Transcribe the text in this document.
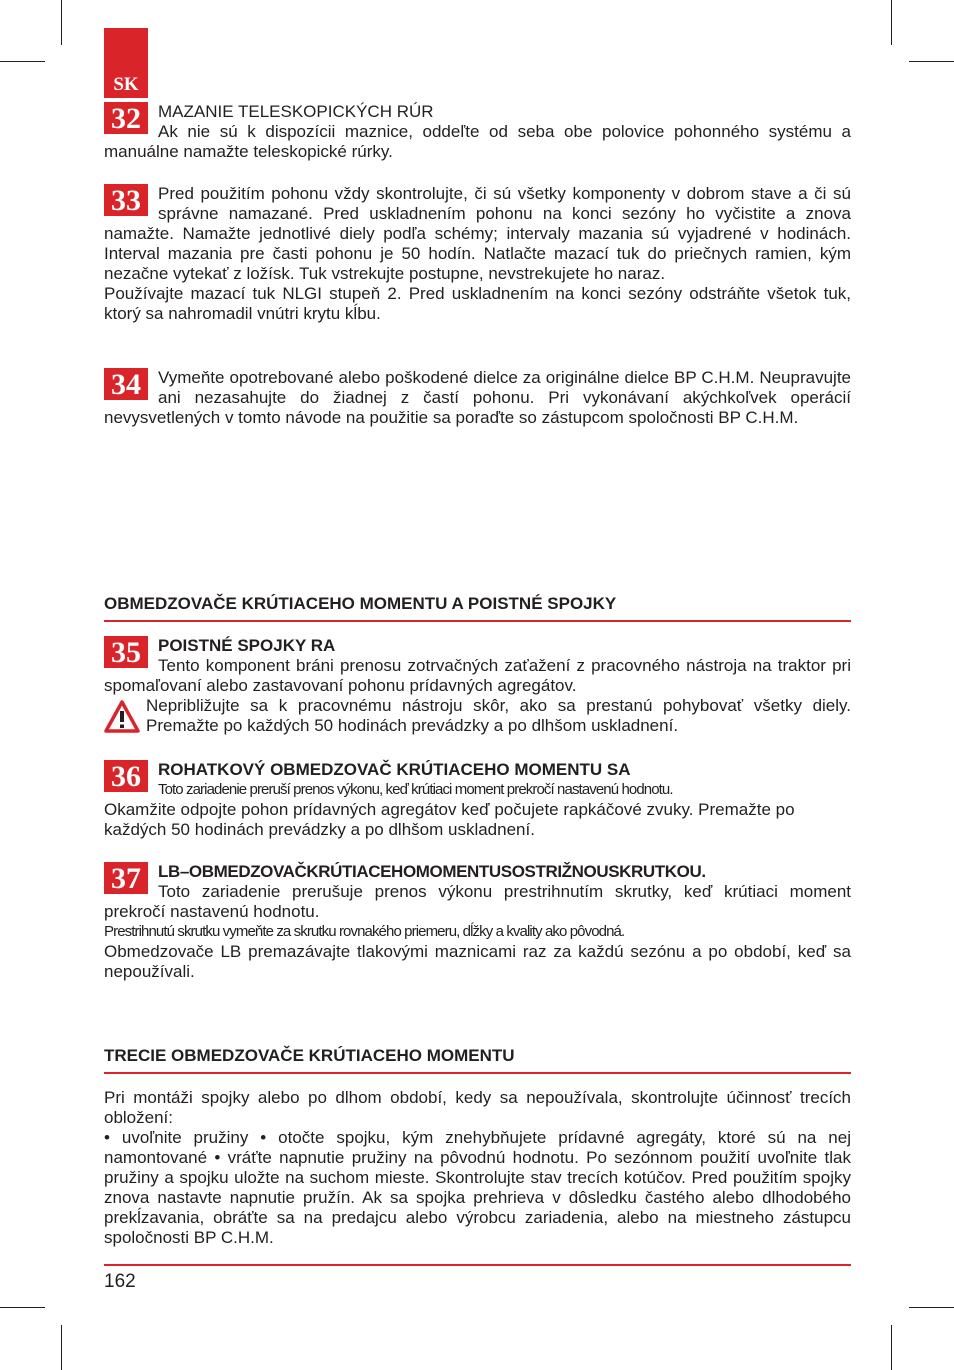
SK
32	MAZANIE TELESKOPICKÝCH RÚR

Ak nie sú k dispozícii maznice, oddeľte od seba obe polovice pohonného systému a manuálne namažte teleskopické rúrky.

33	Pred použitím pohonu vždy skontrolujte, či sú všetky komponenty v dobrom stave a či sú správne namazané. Pred uskladnením pohonu na konci sezóny ho vyčistite a znova namažte. Namažte jednotlivé diely podľa schémy; intervaly mazania sú vyjadrené v hodinách. Interval mazania pre časti pohonu je 50 hodín. Natlačte mazací tuk do priečnych ramien, kým nezačne vytekať z ložísk. Tuk vstrekujte postupne, nevstrekujete ho naraz.

Používajte mazací tuk NLGI stupeň 2. Pred uskladnením na konci sezóny odstráňte všetok tuk, ktorý sa nahromadil vnútri krytu kĺbu.

34	Vymeňte opotrebované alebo poškodené dielce za originálne dielce BP C.H.M. Neupravujte ani nezasahujte do žiadnej z častí pohonu. Pri vykonávaní akýchkoľvek operácií nevysvetlených v tomto návode na použitie sa poraďte so zástupcom spoločnosti BP C.H.M.

OBMEDZOVAČE KRÚTIACEHO MOMENTU A POISTNÉ SPOJKY
35	POISTNÉ SPOJKY RA

Tento komponent bráni prenosu zotrvačných zaťažení z pracovného nástroja na traktor pri spomaľovaní alebo zastavovaní pohonu prídavných agregátov.

Nepribližujte sa k pracovnému nástroju skôr, ako sa prestanú pohybovať všetky diely. Premažte po každých 50 hodinách prevádzky a po dlhšom uskladnení.

36	ROHATKOVÝ OBMEDZOVAČ KRÚTIACEHO MOMENTU SA

Toto zariadenie preruší prenos výkonu, keď krútiaci moment prekročí nastavenú hodnotu.

Okamžite odpojte pohon prídavných agregátov keď počujete rapkáčové zvuky. Premažte po každých 50 hodinách prevádzky a po dlhšom uskladnení.

37	LB–OBMEDZOVAČKRÚTIACEHOMOMENTUSOSTRIŽNOUSKRUTKOU.

Toto zariadenie prerušuje prenos výkonu prestrihnutím skrutky, keď krútiaci moment prekročí nastavenú hodnotu.

Prestrihnutú skrutku vymeňte za skrutku rovnakého priemeru, dĺžky a kvality ako pôvodná.

Obmedzovače LB premazávajte tlakovými maznicami raz za každú sezónu a po období, keď sa nepoužívali.

TRECIE OBMEDZOVAČE KRÚTIACEHO MOMENTU

Pri montáži spojky alebo po dlhom období, kedy sa nepoužívala, skontrolujte účinnosť trecích obložení:

• uvoľnite pružiny • otočte spojku, kým znehybňujete prídavné agregáty, ktoré sú na nej namontované • vráťte napnutie pružiny na pôvodnú hodnotu. Po sezónnom použití uvoľnite tlak pružiny a spojku uložte na suchom mieste. Skontrolujte stav trecích kotúčov. Pred použitím spojky znova nastavte napnutie pružín. Ak sa spojka prehrieva v dôsledku častého alebo dlhodobého prekĺzavania, obráťte sa na predajcu alebo výrobcu zariadenia, alebo na miestneho zástupcu spoločnosti BP C.H.M.

162
